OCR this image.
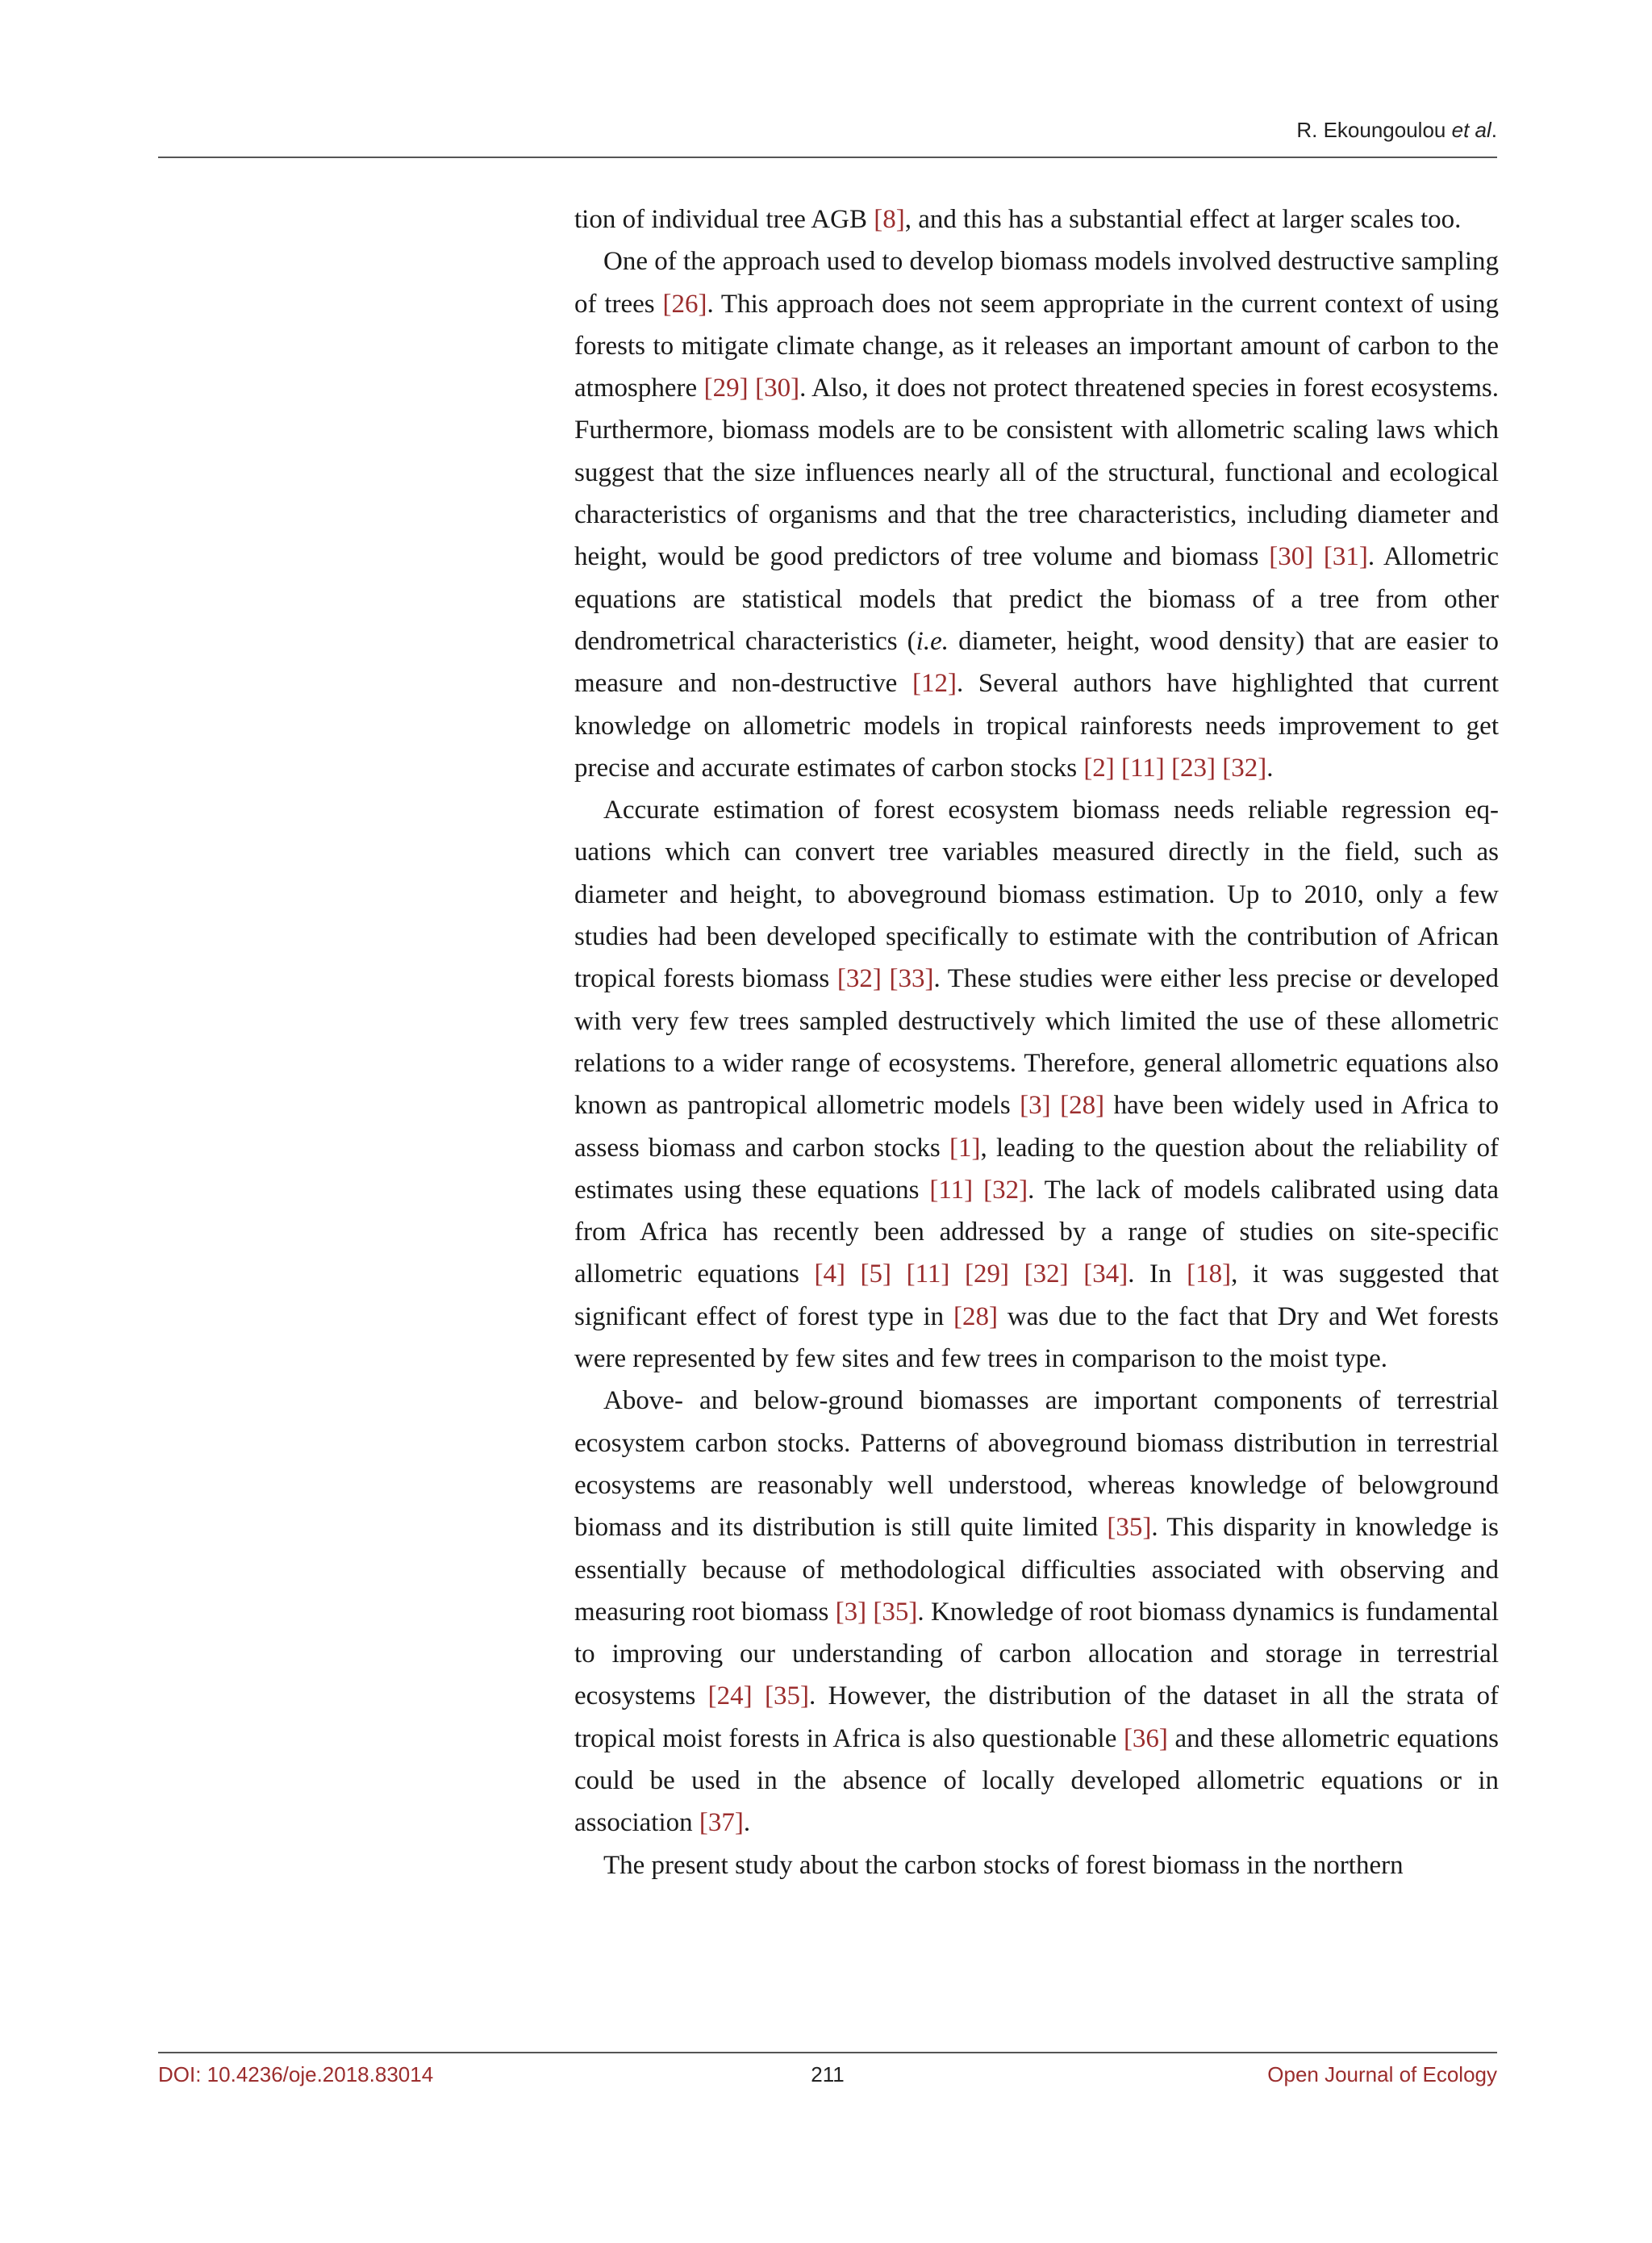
R. Ekoungoulou et al.

tion of individual tree AGB [8], and this has a substantial effect at larger scales too.

One of the approach used to develop biomass models involved destructive sampling of trees [26]. This approach does not seem appropriate in the current context of using forests to mitigate climate change, as it releases an important amount of carbon to the atmosphere [29] [30]. Also, it does not protect threatened species in forest ecosystems. Furthermore, biomass models are to be consistent with allometric scaling laws which suggest that the size influences nearly all of the structural, functional and ecological characteristics of organisms and that the tree characteristics, including diameter and height, would be good predictors of tree volume and biomass [30] [31]. Allometric equations are statistical models that predict the biomass of a tree from other dendrometrical characteristics (i.e. diameter, height, wood density) that are easier to measure and non-destructive [12]. Several authors have highlighted that current knowledge on allometric models in tropical rainforests needs improvement to get precise and accurate estimates of carbon stocks [2] [11] [23] [32].

Accurate estimation of forest ecosystem biomass needs reliable regression equations which can convert tree variables measured directly in the field, such as diameter and height, to aboveground biomass estimation. Up to 2010, only a few studies had been developed specifically to estimate with the contribution of African tropical forests biomass [32] [33]. These studies were either less precise or developed with very few trees sampled destructively which limited the use of these allometric relations to a wider range of ecosystems. Therefore, general allometric equations also known as pantropical allometric models [3] [28] have been widely used in Africa to assess biomass and carbon stocks [1], leading to the question about the reliability of estimates using these equations [11] [32]. The lack of models calibrated using data from Africa has recently been addressed by a range of studies on site-specific allometric equations [4] [5] [11] [29] [32] [34]. In [18], it was suggested that significant effect of forest type in [28] was due to the fact that Dry and Wet forests were represented by few sites and few trees in comparison to the moist type.

Above- and below-ground biomasses are important components of terrestrial ecosystem carbon stocks. Patterns of aboveground biomass distribution in terrestrial ecosystems are reasonably well understood, whereas knowledge of belowground biomass and its distribution is still quite limited [35]. This disparity in knowledge is essentially because of methodological difficulties associated with observing and measuring root biomass [3] [35]. Knowledge of root biomass dynamics is fundamental to improving our understanding of carbon allocation and storage in terrestrial ecosystems [24] [35]. However, the distribution of the dataset in all the strata of tropical moist forests in Africa is also questionable [36] and these allometric equations could be used in the absence of locally developed allometric equations or in association [37].

The present study about the carbon stocks of forest biomass in the northern

DOI: 10.4236/oje.2018.83014	211	Open Journal of Ecology
